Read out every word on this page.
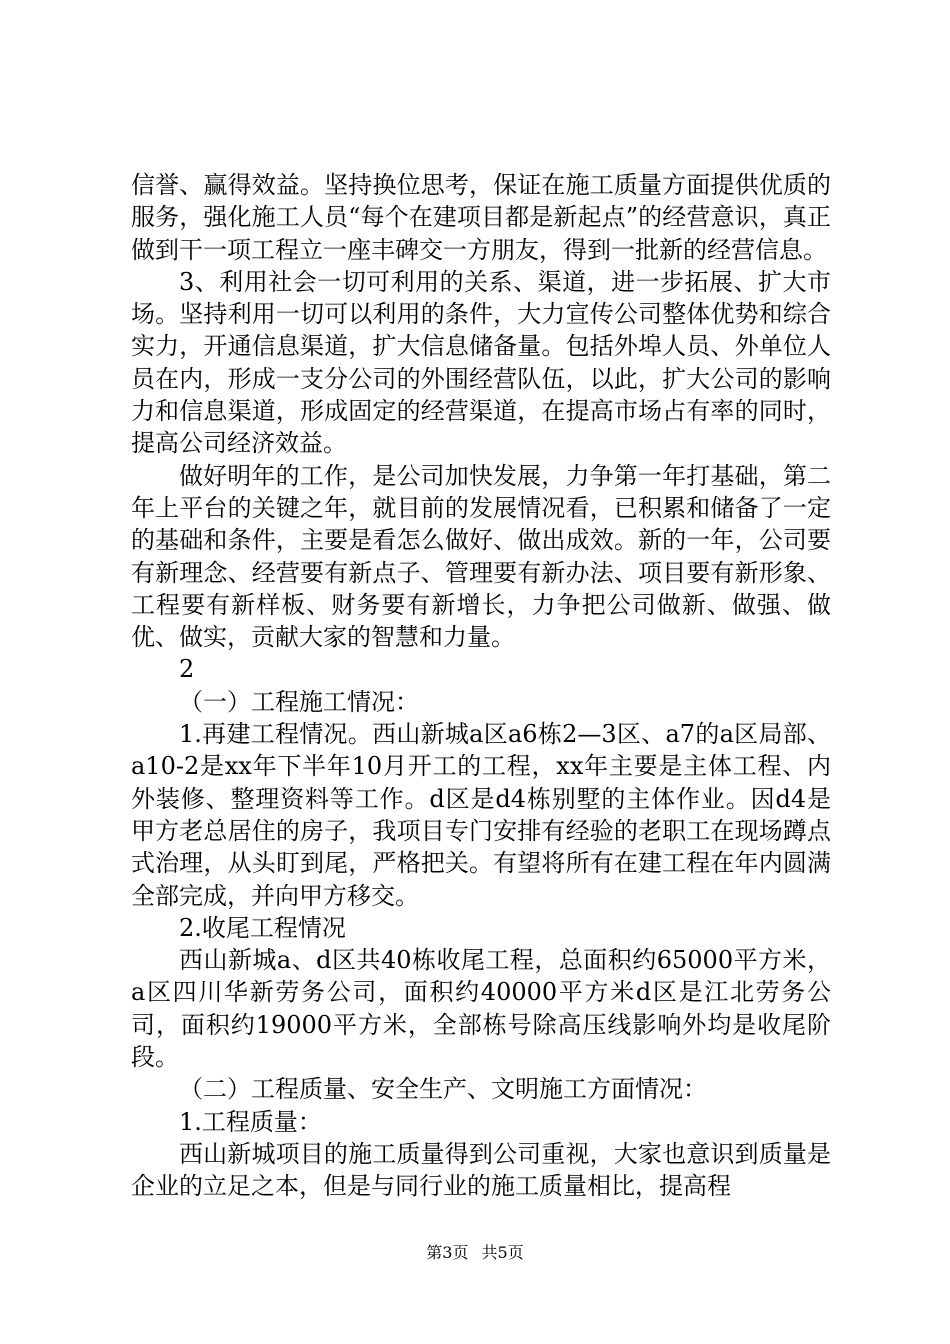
信誉、赢得效益。坚持换位思考，保证在施工质量方面提供优质的服务，强化施工人员“每个在建项目都是新起点”的经营意识，真正做到干一项工程立一座丰碑交一方朋友，得到一批新的经营信息。

3、利用社会一切可利用的关系、渠道，进一步拓展、扩大市场。坚持利用一切可以利用的条件，大力宣传公司整体优势和综合实力，开通信息渠道，扩大信息储备量。包括外埠人员、外单位人员在内，形成一支分公司的外围经营队伍，以此，扩大公司的影响力和信息渠道，形成固定的经营渠道，在提高市场占有率的同时，提高公司经济效益。

做好明年的工作，是公司加快发展，力争第一年打基础，第二年上平台的关键之年，就目前的发展情况看，已积累和储备了一定的基础和条件，主要是看怎么做好、做出成效。新的一年，公司要有新理念、经营要有新点子、管理要有新办法、项目要有新形象、工程要有新样板、财务要有新增长，力争把公司做新、做强、做优、做实，贡献大家的智慧和力量。

2

（一）工程施工情况：

1.再建工程情况。西山新城a区a6栋2—3区、a7的a区局部、a10-2是xx年下半年10月开工的工程，xx年主要是主体工程、内外装修、整理资料等工作。d区是d4栋别墅的主体作业。因d4是甲方老总居住的房子，我项目专门安排有经验的老职工在现场蹲点式治理，从头盯到尾，严格把关。有望将所有在建工程在年内圆满全部完成，并向甲方移交。

2.收尾工程情况

西山新城a、d区共40栋收尾工程，总面积约65000平方米，a区四川华新劳务公司，面积约40000平方米d区是江北劳务公司，面积约19000平方米，全部栋号除高压线影响外均是收尾阶段。

（二）工程质量、安全生产、文明施工方面情况：

1.工程质量：

西山新城项目的施工质量得到公司重视，大家也意识到质量是企业的立足之本，但是与同行业的施工质量相比，提高程

第3页 共5页
